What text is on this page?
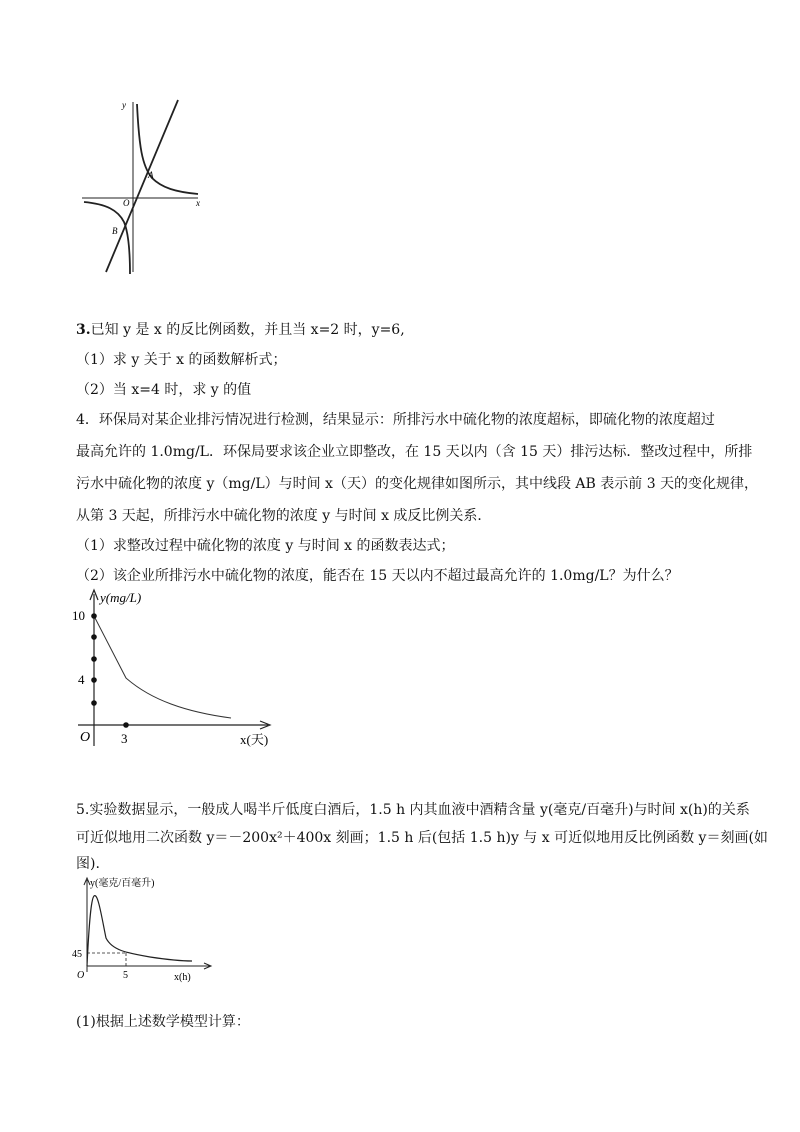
y
x
O
A
B
3.已知 y 是 x 的反比例函数，并且当 x=2 时，y=6,
（1）求 y 关于 x 的函数解析式；
（2）当 x=4 时，求 y 的值
4．环保局对某企业排污情况进行检测，结果显示：所排污水中硫化物的浓度超标，即硫化物的浓度超过
最高允许的 1.0mg/L．环保局要求该企业立即整改，在 15 天以内（含 15 天）排污达标．整改过程中，所排
污水中硫化物的浓度 y（mg/L）与时间 x（天）的变化规律如图所示，其中线段 AB 表示前 3 天的变化规律，
从第 3 天起，所排污水中硫化物的浓度 y 与时间 x 成反比例关系．
（1）求整改过程中硫化物的浓度 y 与时间 x 的函数表达式；
（2）该企业所排污水中硫化物的浓度，能否在 15 天以内不超过最高允许的 1.0mg/L？为什么？
y(mg/L)
x(天)
O
10
4
3
5.实验数据显示，一般成人喝半斤低度白酒后，1.5 h 内其血液中酒精含量 y(毫克/百毫升)与时间 x(h)的关系
可近似地用二次函数 y＝－200x²＋400x 刻画；1.5 h 后(包括 1.5 h)y 与 x 可近似地用反比例函数 y＝刻画(如
图).
y(毫克/百毫升)
x(h)
O
45
5
(1)根据上述数学模型计算：
